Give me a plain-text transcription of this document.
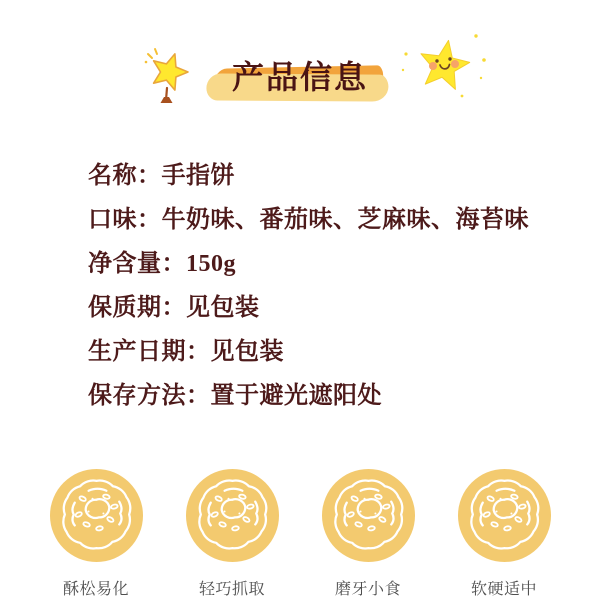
产品信息
名称：手指饼
口味：牛奶味、番茄味、芝麻味、海苔味
净含量：150g
保质期：见包装
生产日期：见包装
保存方法：置于避光遮阳处
酥松易化	轻巧抓取	磨牙小食	软硬适中
